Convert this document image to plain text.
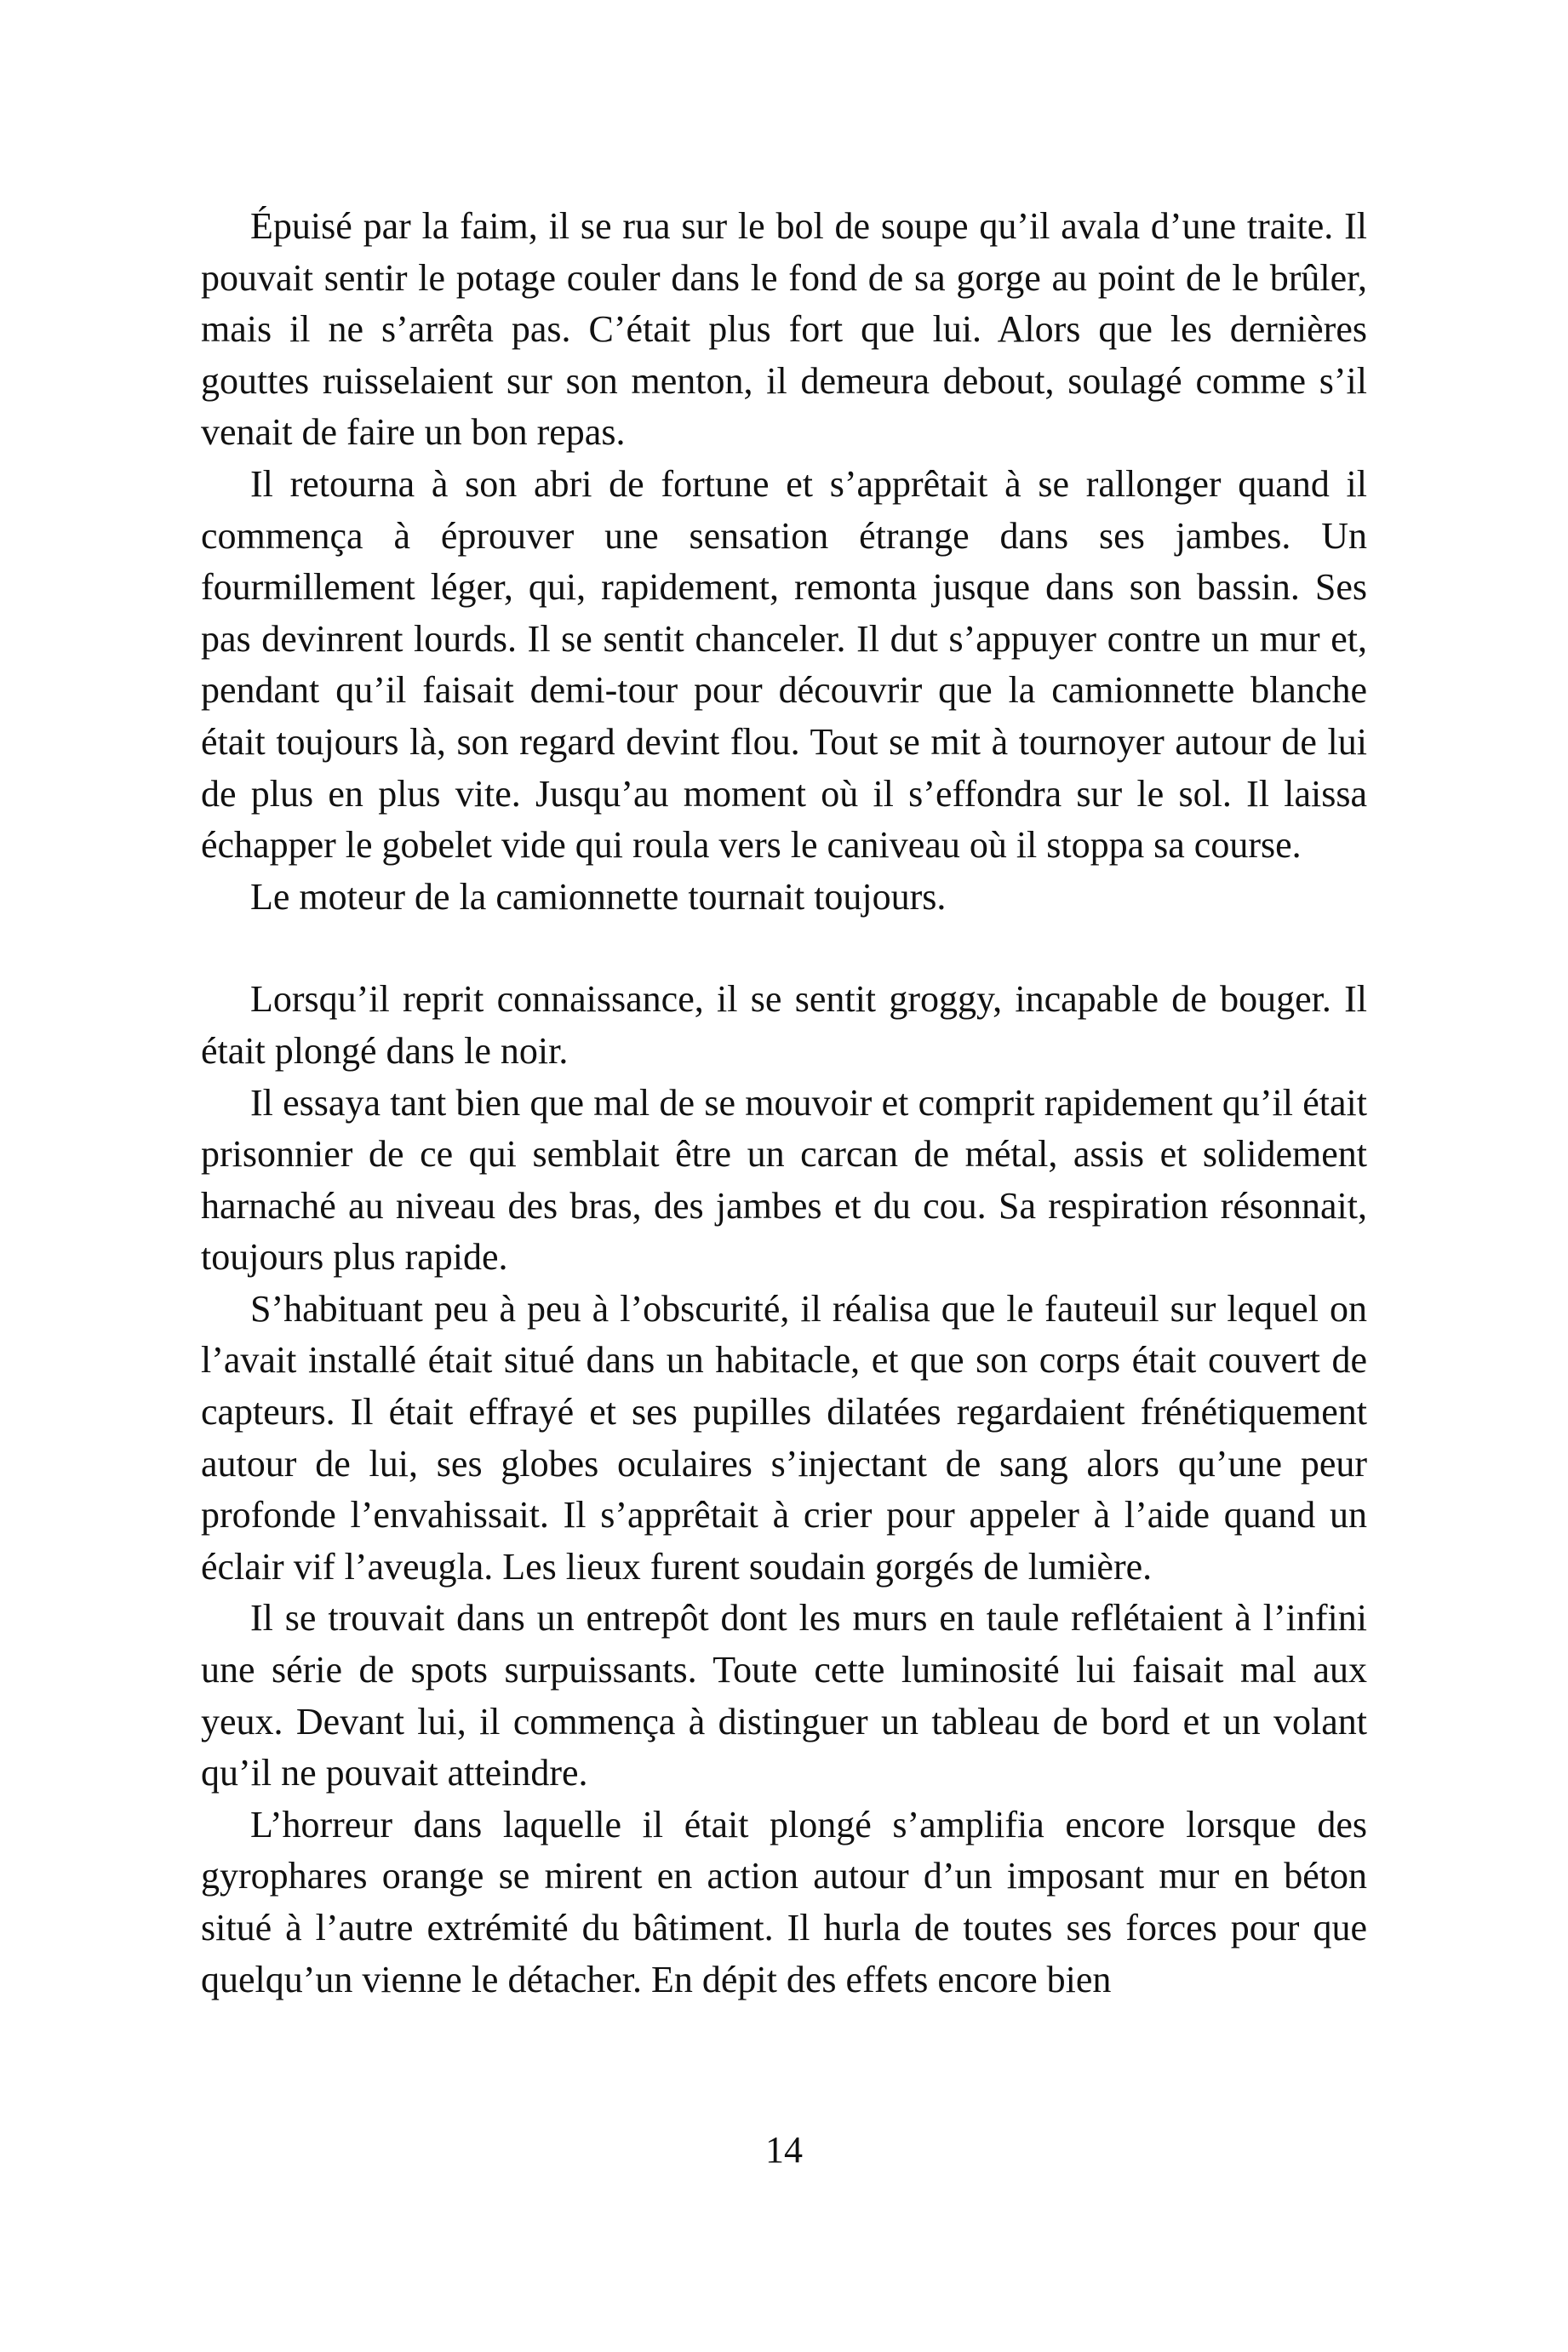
Épuisé par la faim, il se rua sur le bol de soupe qu’il avala d’une traite. Il pouvait sentir le potage couler dans le fond de sa gorge au point de le brûler, mais il ne s’arrêta pas. C’était plus fort que lui. Alors que les dernières gouttes ruisselaient sur son menton, il demeura debout, soulagé comme s’il venait de faire un bon repas.

Il retourna à son abri de fortune et s’apprêtait à se rallonger quand il commença à éprouver une sensation étrange dans ses jambes. Un fourmillement léger, qui, rapidement, remonta jusque dans son bassin. Ses pas devinrent lourds. Il se sentit chanceler. Il dut s’appuyer contre un mur et, pendant qu’il faisait demi-tour pour découvrir que la camionnette blanche était toujours là, son regard devint flou. Tout se mit à tournoyer autour de lui de plus en plus vite. Jusqu’au moment où il s’effondra sur le sol. Il laissa échapper le gobelet vide qui roula vers le caniveau où il stoppa sa course.

Le moteur de la camionnette tournait toujours.

Lorsqu’il reprit connaissance, il se sentit groggy, incapable de bouger. Il était plongé dans le noir.

Il essaya tant bien que mal de se mouvoir et comprit rapidement qu’il était prisonnier de ce qui semblait être un carcan de métal, assis et solidement harnaché au niveau des bras, des jambes et du cou. Sa respiration résonnait, toujours plus rapide.

S’habituant peu à peu à l’obscurité, il réalisa que le fauteuil sur lequel on l’avait installé était situé dans un habitacle, et que son corps était couvert de capteurs. Il était effrayé et ses pupilles dilatées regardaient frénétiquement autour de lui, ses globes oculaires s’injectant de sang alors qu’une peur profonde l’envahissait. Il s’apprêtait à crier pour appeler à l’aide quand un éclair vif l’aveugla. Les lieux furent soudain gorgés de lumière.

Il se trouvait dans un entrepôt dont les murs en taule reflétaient à l’infini une série de spots surpuissants. Toute cette luminosité lui faisait mal aux yeux. Devant lui, il commença à distinguer un tableau de bord et un volant qu’il ne pouvait atteindre.

L’horreur dans laquelle il était plongé s’amplifia encore lorsque des gyrophares orange se mirent en action autour d’un imposant mur en béton situé à l’autre extrémité du bâtiment. Il hurla de toutes ses forces pour que quelqu’un vienne le détacher. En dépit des effets encore bien

14
